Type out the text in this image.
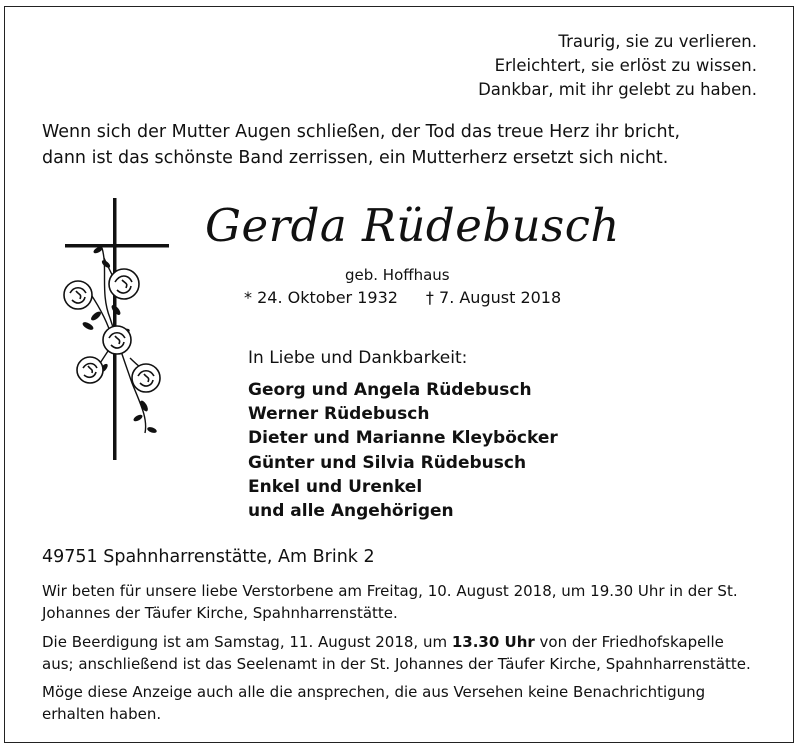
Traurig, sie zu verlieren.
Erleichtert, sie erlöst zu wissen.
Dankbar, mit ihr gelebt zu haben.
Wenn sich der Mutter Augen schließen, der Tod das treue Herz ihr bricht,
dann ist das schönste Band zerrissen, ein Mutterherz ersetzt sich nicht.
Gerda Rüdebusch
geb. Hoffhaus
* 24. Oktober 1932 † 7. August 2018
In Liebe und Dankbarkeit:
Georg und Angela Rüdebusch
Werner Rüdebusch
Dieter und Marianne Kleyböcker
Günter und Silvia Rüdebusch
Enkel und Urenkel
und alle Angehörigen
49751 Spahnharrenstätte, Am Brink 2

Wir beten für unsere liebe Verstorbene am Freitag, 10. August 2018, um 19.30 Uhr in der St. Johannes der Täufer Kirche, Spahnharrenstätte.

Die Beerdigung ist am Samstag, 11. August 2018, um 13.30 Uhr von der Friedhofskapelle aus; anschließend ist das Seelenamt in der St. Johannes der Täufer Kirche, Spahnharrenstätte.

Möge diese Anzeige auch alle die ansprechen, die aus Versehen keine Benachrichtigung erhalten haben.
